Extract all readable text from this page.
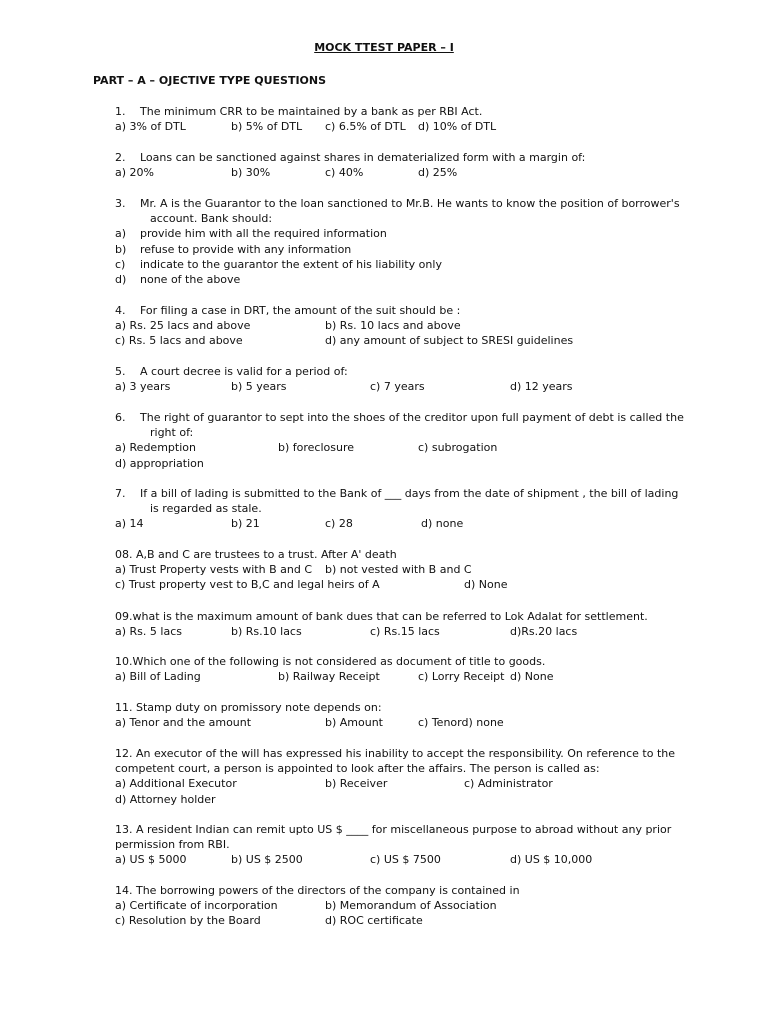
MOCK TTEST PAPER – I
PART – A – OJECTIVE TYPE QUESTIONS
1. The minimum CRR to be maintained by a bank as per RBI Act.
a) 3% of DTL	b) 5% of DTL c) 6.5% of DTL d) 10% of DTL
2. Loans can be sanctioned against shares in dematerialized form with a margin of:
a) 20%	b) 30%	c) 40%	d) 25%
3. Mr. A is the Guarantor to the loan sanctioned to Mr.B. He wants to know the position of borrower's
account. Bank should:
a) provide him with all the required information
b) refuse to provide with any information
c) indicate to the guarantor the extent of his liability only
d) none of the above
4. For filing a case in DRT, the amount of the suit should be :
a) Rs. 25 lacs and above	b) Rs. 10 lacs and above
c) Rs. 5 lacs and above	d) any amount of subject to SRESI guidelines
5. A court decree is valid for a period of:
a) 3 years	b) 5 years	c) 7 years	d) 12 years
6. The right of guarantor to sept into the shoes of the creditor upon full payment of debt is called the
right of:
a) Redemption	b) foreclosure	c) subrogation
d) appropriation
7. If a bill of lading is submitted to the Bank of ___ days from the date of shipment , the bill of lading
is regarded as stale.
a) 14	b) 21	c) 28	d) none
08. A,B and C are trustees to a trust. After A' death
a) Trust Property vests with B and C b) not vested with B and C
c) Trust property vest to B,C and legal heirs of A	d) None
09.what is the maximum amount of bank dues that can be referred to Lok Adalat for settlement.
a) Rs. 5 lacs	b) Rs.10 lacs	c) Rs.15 lacs	d)Rs.20 lacs
10.Which one of the following is not considered as document of title to goods.
a) Bill of Lading	b) Railway Receipt	c) Lorry Receipt d) None
11. Stamp duty on promissory note depends on:
a) Tenor and the amount	b) Amount	c) Tenord) none
12. An executor of the will has expressed his inability to accept the responsibility. On reference to the
competent court, a person is appointed to look after the affairs. The person is called as:
a) Additional Executor	b) Receiver	c) Administrator
d) Attorney holder
13. A resident Indian can remit upto US $ ____ for miscellaneous purpose to abroad without any prior
permission from RBI.
a) US $ 5000	b) US $ 2500	c) US $ 7500	d) US $ 10,000
14. The borrowing powers of the directors of the company is contained in
a) Certificate of incorporation	b) Memorandum of Association
c) Resolution by the Board	d) ROC certificate
